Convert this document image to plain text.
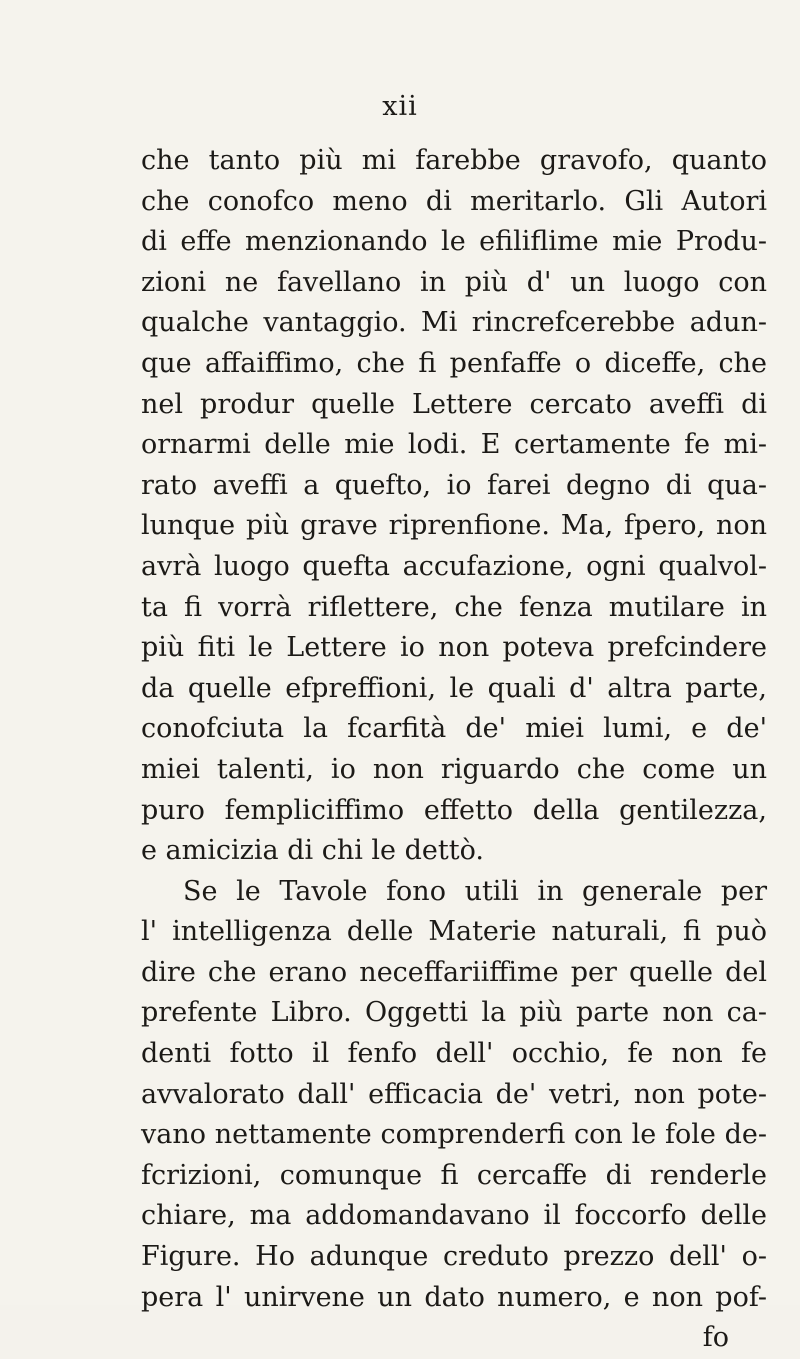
xii
che tanto più mi farebbe gravofo, quanto
che conofco meno di meritarlo. Gli Autori
di effe menzionando le efiliflime mie Produ-
zioni ne favellano in più d' un luogo con
qualche vantaggio. Mi rincrefcerebbe adun-
que affaiffimo, che fi penfaffe o diceffe, che
nel produr quelle Lettere cercato aveffi di
ornarmi delle mie lodi. E certamente fe mi-
rato aveffi a quefto, io farei degno di qua-
lunque più grave riprenfione. Ma, fpero, non
avrà luogo quefta accufazione, ogni qualvol-
ta fi vorrà riflettere, che fenza mutilare in
più fiti le Lettere io non poteva prefcindere
da quelle efpreffioni, le quali d' altra parte,
conofciuta la fcarfità de' miei lumi, e de'
miei talenti, io non riguardo che come un
puro fempliciffimo effetto della gentilezza,
e amicizia di chi le dettò.
Se le Tavole fono utili in generale per
l' intelligenza delle Materie naturali, fi può
dire che erano neceffariiffime per quelle del
prefente Libro. Oggetti la più parte non ca-
denti fotto il fenfo dell' occhio, fe non fe
avvalorato dall' efficacia de' vetri, non pote-
vano nettamente comprenderfi con le fole de-
fcrizioni, comunque fi cercaffe di renderle
chiare, ma addomandavano il foccorfo delle
Figure. Ho adunque creduto prezzo dell' o-
pera l' unirvene un dato numero, e non pof-
fo
